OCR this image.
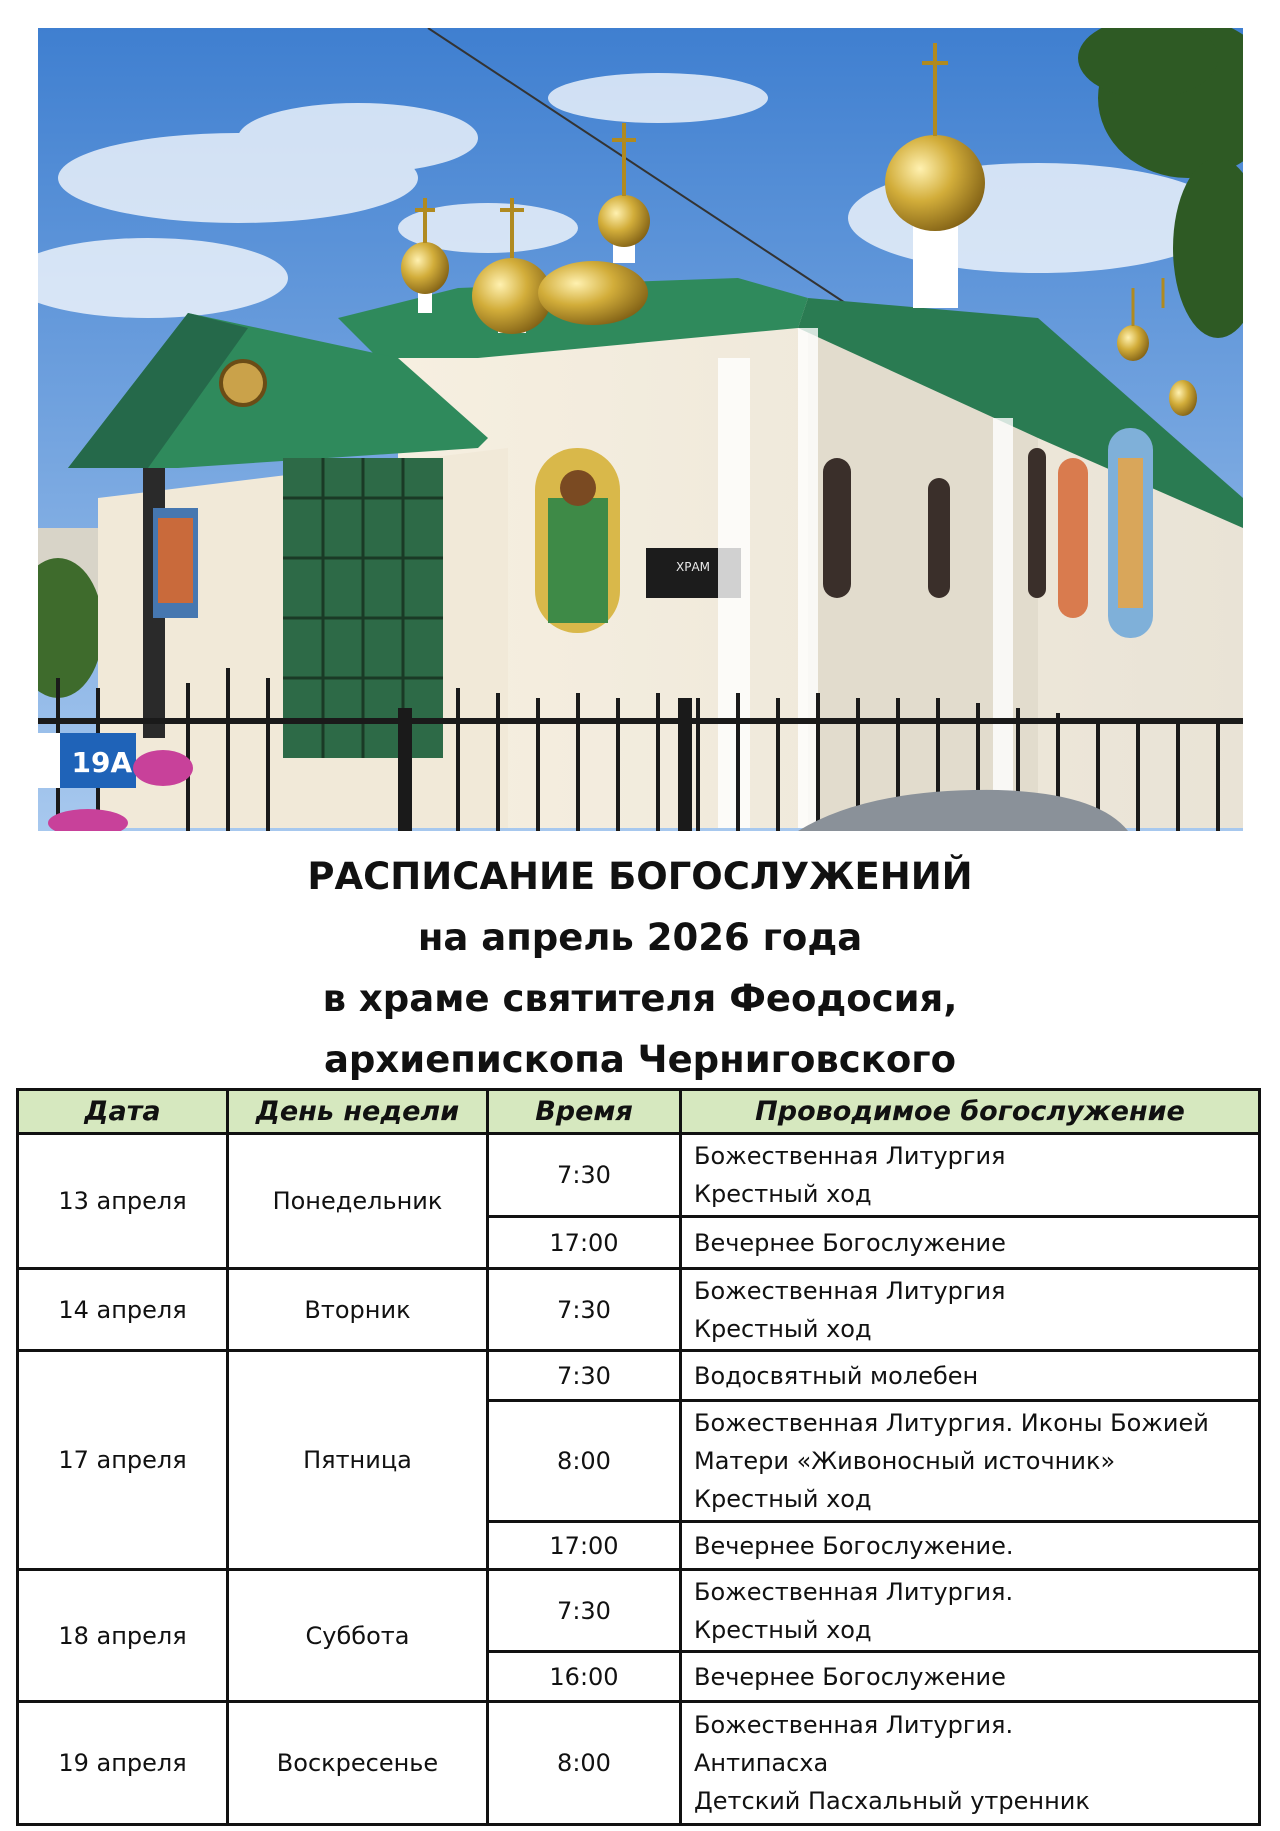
ХРАМ
я 19А
РАСПИСАНИЕ БОГОСЛУЖЕНИЙ
на апрель 2026 года
в храме святителя Феодосия,
архиепископа Черниговского
Дата	День недели	Время	Проводимое богослужение
13 апреля	Понедельник	7:30	Божественная Литургия
Крестный ход

		17:00	Вечернее Богослужение

14 апреля	Вторник	7:30	Божественная Литургия
Крестный ход

17 апреля	Пятница	7:30	Водосвятный молебен

		8:00	Божественная Литургия. Иконы Божией
Матери «Живоносный источник»
Крестный ход

		17:00	Вечернее Богослужение.

18 апреля	Суббота	7:30	Божественная Литургия.
Крестный ход

		16:00	Вечернее Богослужение

19 апреля	Воскресенье	8:00	Божественная Литургия.
Антипасха
Детский Пасхальный утренник
